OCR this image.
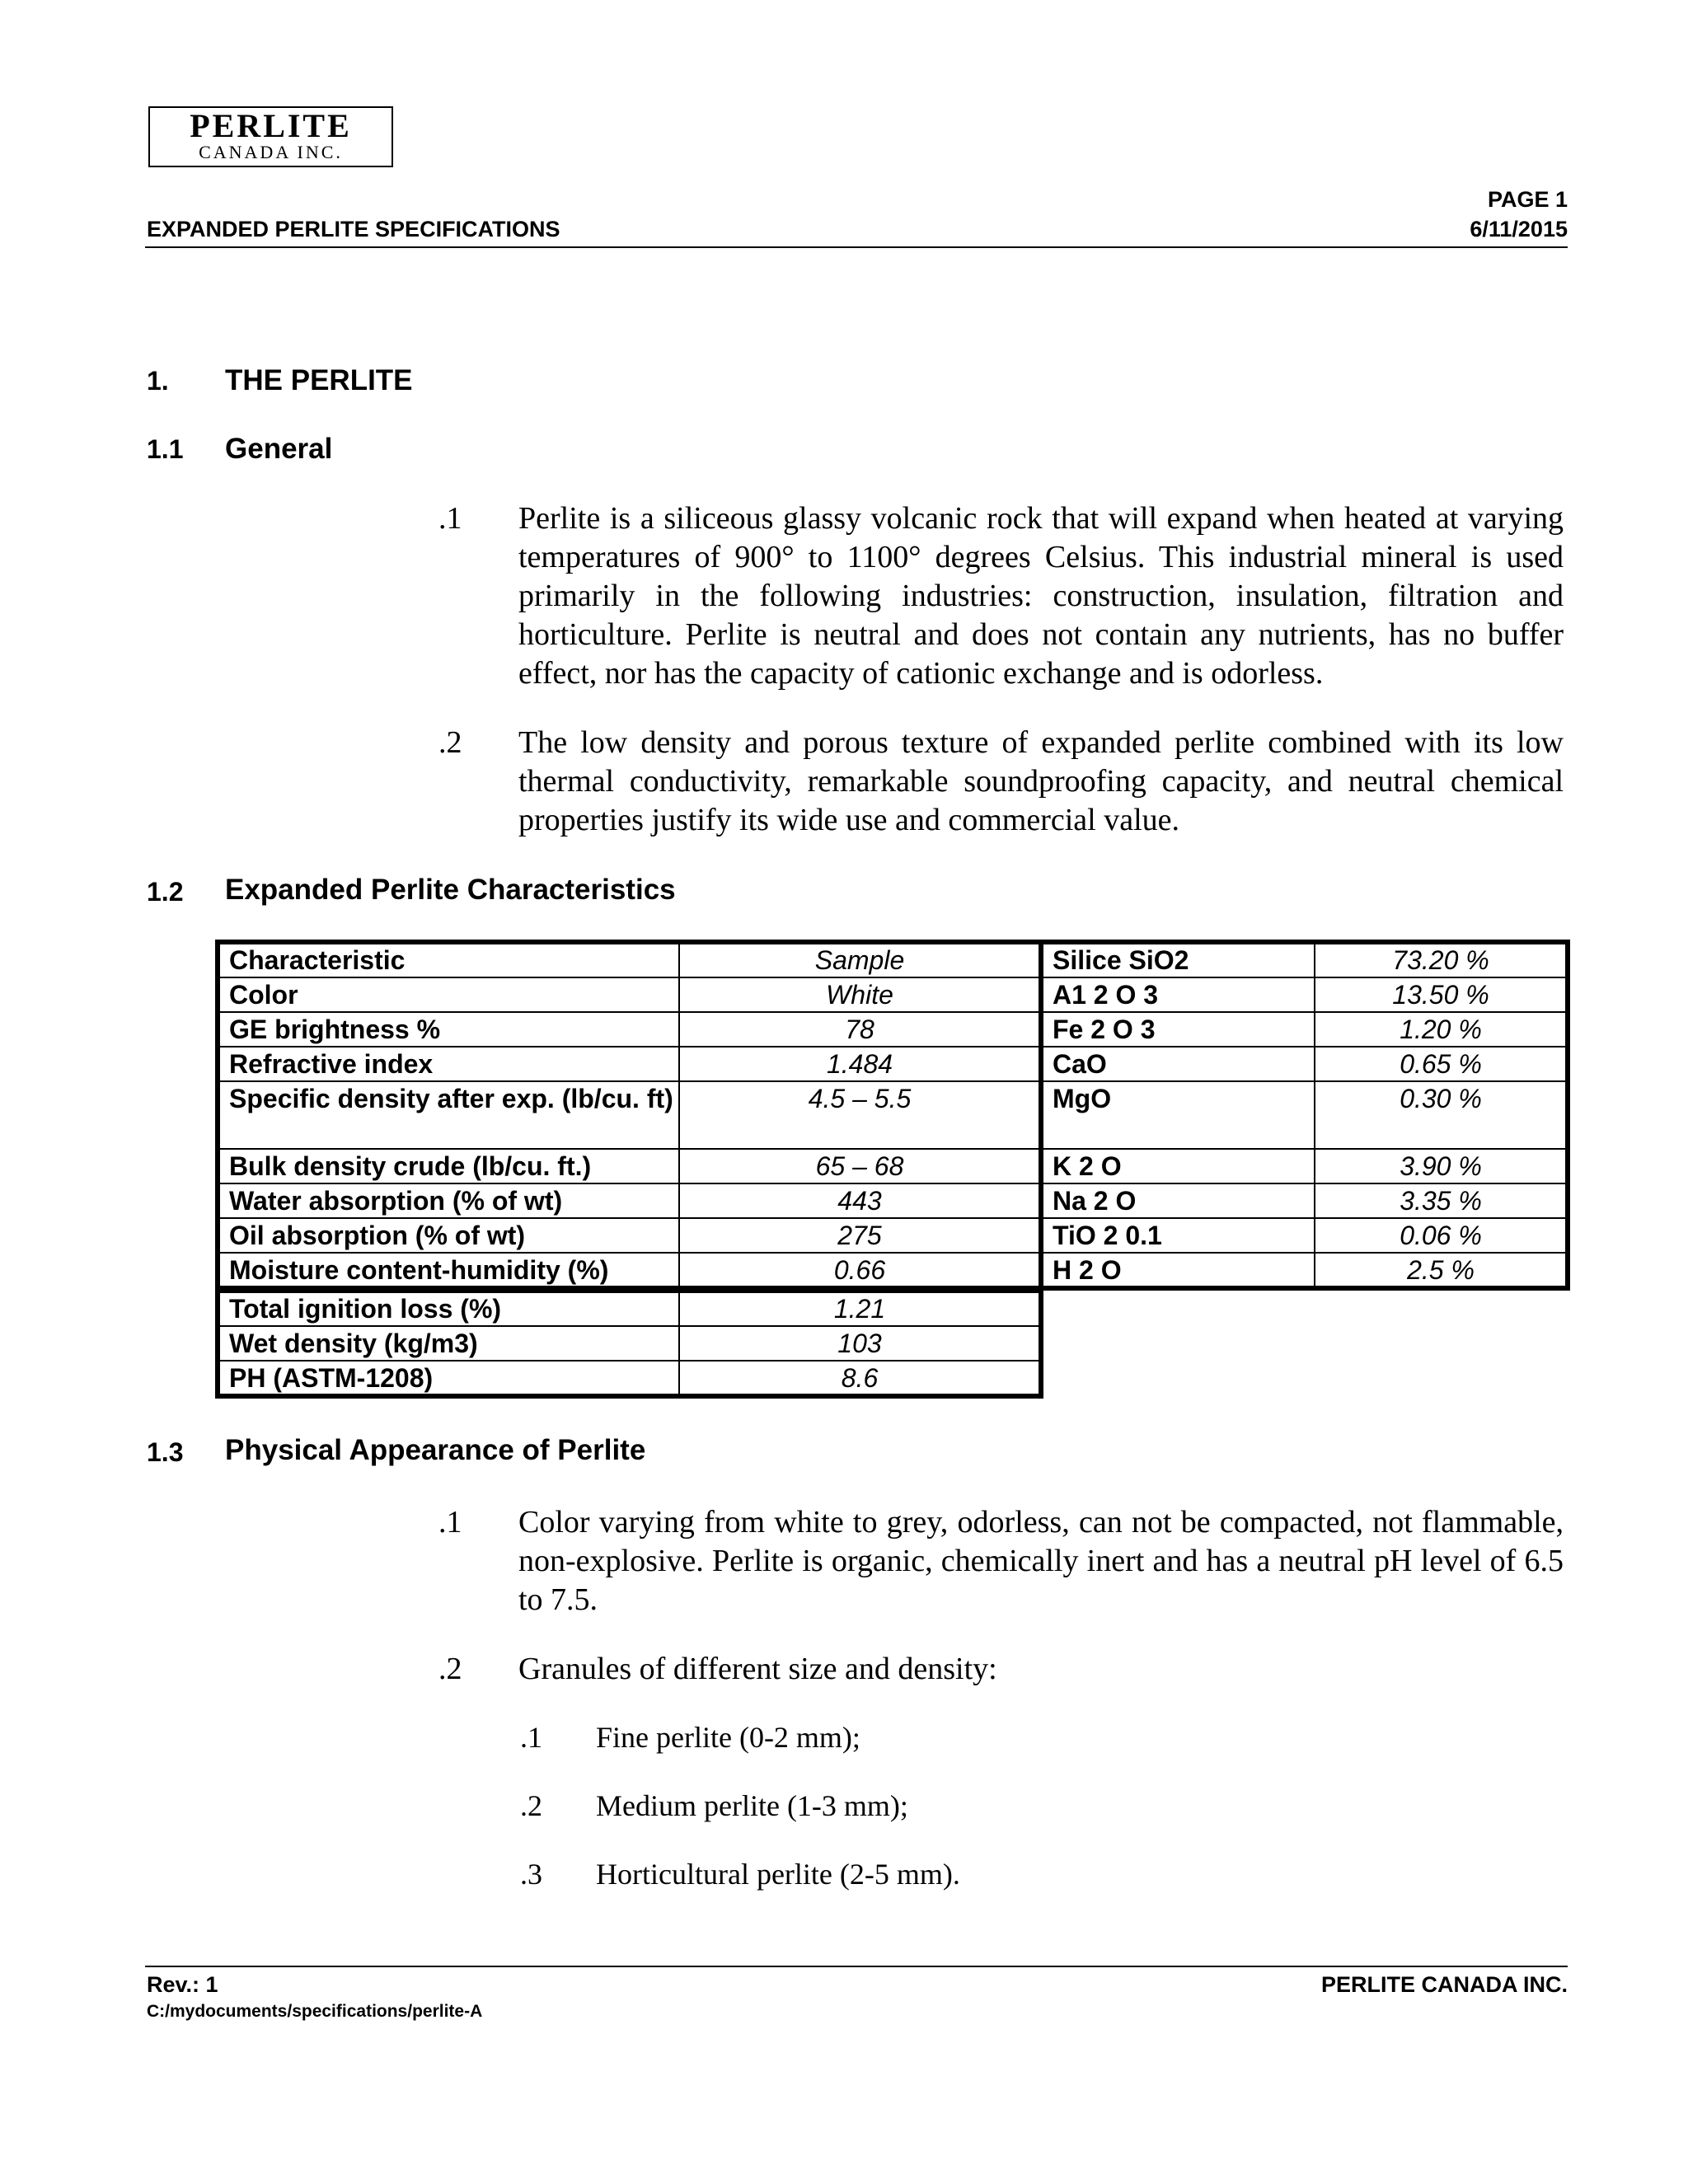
PERLITE
CANADA INC.
PAGE 1
EXPANDED PERLITE SPECIFICATIONS	6/11/2015
1. THE PERLITE
1.1 General
.1 Perlite is a siliceous glassy volcanic rock that will expand when heated at varying temperatures of 900° to 1100° degrees Celsius. This industrial mineral is used primarily in the following industries: construction, insulation, filtration and horticulture. Perlite is neutral and does not contain any nutrients, has no buffer effect, nor has the capacity of cationic exchange and is odorless.
.2 The low density and porous texture of expanded perlite combined with its low thermal conductivity, remarkable soundproofing capacity, and neutral chemical properties justify its wide use and commercial value.
1.2 Expanded Perlite Characteristics
Characteristic	Sample
Color	White
GE brightness %	78
Refractive index	1.484
Specific density after exp. (lb/cu. ft)	4.5 – 5.5
Bulk density crude (lb/cu. ft.)	65 – 68
Water absorption (% of wt)	443
Oil absorption (% of wt)	275
Moisture content-humidity (%)	0.66
Total ignition loss (%)	1.21
Wet density (kg/m3)	103
PH (ASTM-1208)	8.6
Silice SiO2	73.20 %
A1 2 O 3	13.50 %
Fe 2 O 3	1.20 %
CaO	0.65 %
MgO	0.30 %
K 2 O	3.90 %
Na 2 O	3.35 %
TiO 2 0.1	0.06 %
H 2 O	2.5 %
1.3 Physical Appearance of Perlite
.1 Color varying from white to grey, odorless, can not be compacted, not flammable, non-explosive. Perlite is organic, chemically inert and has a neutral pH level of 6.5 to 7.5.
.2 Granules of different size and density:
.1 Fine perlite (0-2 mm);
.2 Medium perlite (1-3 mm);
.3 Horticultural perlite (2-5 mm).
Rev.: 1	PERLITE CANADA INC.
C:/mydocuments/specifications/perlite-A
